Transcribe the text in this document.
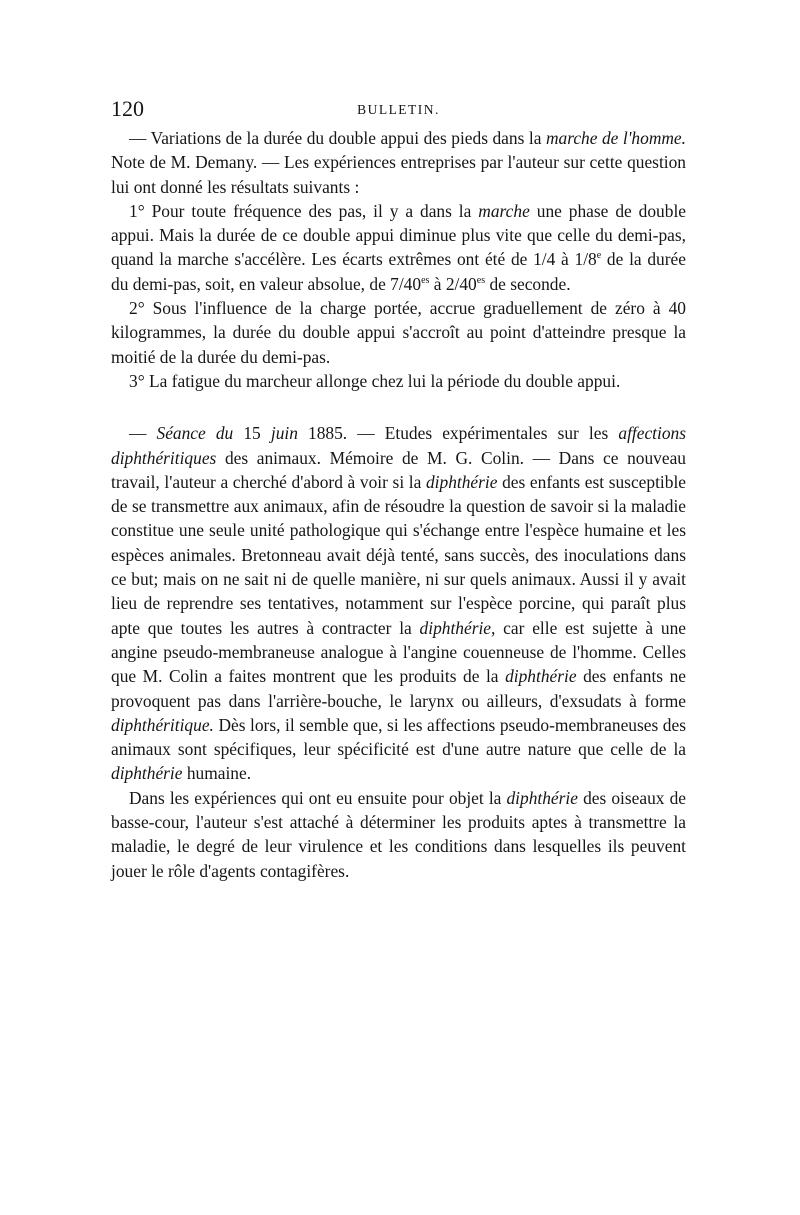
120	BULLETIN.

— Variations de la durée du double appui des pieds dans la marche de l'homme. Note de M. Demany. — Les expériences entreprises par l'auteur sur cette question lui ont donné les résultats suivants :

1° Pour toute fréquence des pas, il y a dans la marche une phase de double appui. Mais la durée de ce double appui diminue plus vite que celle du demi-pas, quand la marche s'accélère. Les écarts extrêmes ont été de 1/4 à 1/8e de la durée du demi-pas, soit, en valeur absolue, de $7/40^{es}$ à $2/40^{es}$ de seconde.

2° Sous l'influence de la charge portée, accrue graduellement de zéro à 40 kilogrammes, la durée du double appui s'accroît au point d'atteindre presque la moitié de la durée du demi-pas.

3° La fatigue du marcheur allonge chez lui la période du double appui.

— Séance du 15 juin 1885. — Etudes expérimentales sur les affections diphthéritiques des animaux. Mémoire de M. G. Colin. — Dans ce nouveau travail, l'auteur a cherché d'abord à voir si la diphthérie des enfants est susceptible de se transmettre aux animaux, afin de résoudre la question de savoir si la maladie constitue une seule unité pathologique qui s'échange entre l'espèce humaine et les espèces animales. Bretonneau avait déjà tenté, sans succès, des inoculations dans ce but; mais on ne sait ni de quelle manière, ni sur quels animaux. Aussi il y avait lieu de reprendre ses tentatives, notamment sur l'espèce porcine, qui paraît plus apte que toutes les autres à contracter la diphthérie, car elle est sujette à une angine pseudo-membraneuse analogue à l'angine couenneuse de l'homme. Celles que M. Colin a faites montrent que les produits de la diphthérie des enfants ne provoquent pas dans l'arrière-bouche, le larynx ou ailleurs, d'exsudats à forme diphthéritique. Dès lors, il semble que, si les affections pseudo-membraneuses des animaux sont spécifiques, leur spécificité est d'une autre nature que celle de la diphthérie humaine.

Dans les expériences qui ont eu ensuite pour objet la diphthérie des oiseaux de basse-cour, l'auteur s'est attaché à déterminer les produits aptes à transmettre la maladie, le degré de leur virulence et les conditions dans lesquelles ils peuvent jouer le rôle d'agents contagifères.
